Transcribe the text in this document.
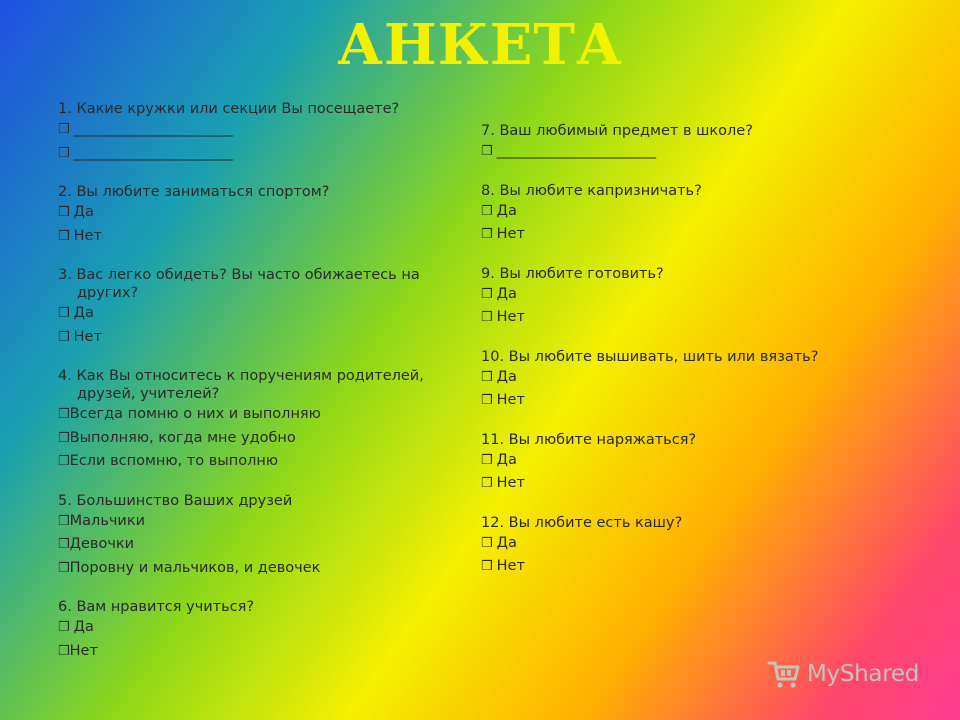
АНКЕТА
1. Какие кружки или секции Вы посещаете?
❒ ______________________
❒ ______________________
2. Вы любите заниматься спортом?
❒ Да
❒ Нет
3. Вас легко обидеть? Вы часто обижаетесь на
других?
❒ Да
❒ Нет
4. Как Вы относитесь к поручениям родителей,
друзей, учителей?
❒Всегда помню о них и выполняю
❒Выполняю, когда мне удобно
❒Если вспомню, то выполню
5. Большинство Ваших друзей
❒Мальчики
❒Девочки
❒Поровну и мальчиков, и девочек
6. Вам нравится учиться?
❒ Да
❒Нет
7. Ваш любимый предмет в школе?
❒ ______________________
8. Вы любите капризничать?
❒ Да
❒ Нет
9. Вы любите готовить?
❒ Да
❒ Нет
10. Вы любите вышивать, шить или вязать?
❒ Да
❒ Нет
11. Вы любите наряжаться?
❒ Да
❒ Нет
12. Вы любите есть кашу?
❒ Да
❒ Нет
MyShared
